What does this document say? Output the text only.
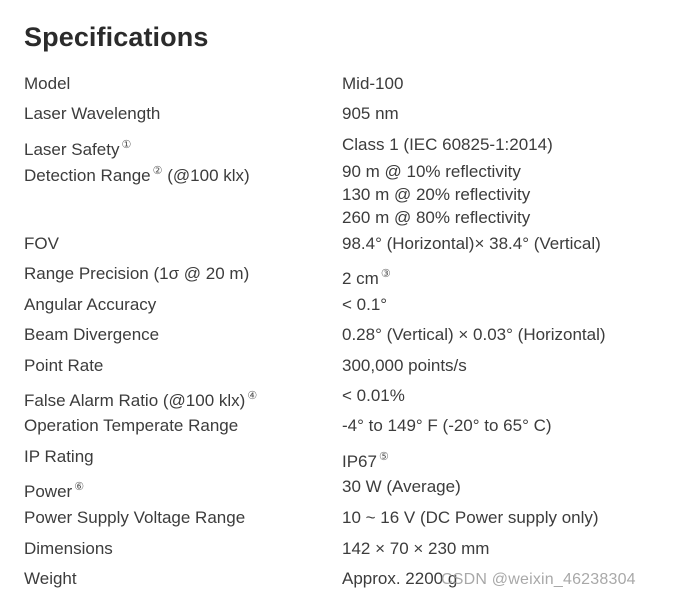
Specifications
Model	Mid-100
Laser Wavelength	905 nm
Laser Safety ①	Class 1 (IEC 60825-1:2014)
Detection Range ② (@100 klx)	90 m @ 10% reflectivity
130 m @ 20% reflectivity
260 m @ 80% reflectivity
FOV	98.4° (Horizontal)× 38.4° (Vertical)
Range Precision (1σ @ 20 m)	2 cm ③
Angular Accuracy	< 0.1°
Beam Divergence	0.28° (Vertical) × 0.03° (Horizontal)
Point Rate	300,000 points/s
False Alarm Ratio (@100 klx) ④	< 0.01%
Operation Temperate Range	-4° to 149° F (-20° to 65° C)
IP Rating	IP67 ⑤
Power ⑥	30 W (Average)
Power Supply Voltage Range	10 ~ 16 V (DC Power supply only)
Dimensions	142 × 70 × 230 mm
Weight	Approx. 2200 g
CSDN @weixin_46238304
